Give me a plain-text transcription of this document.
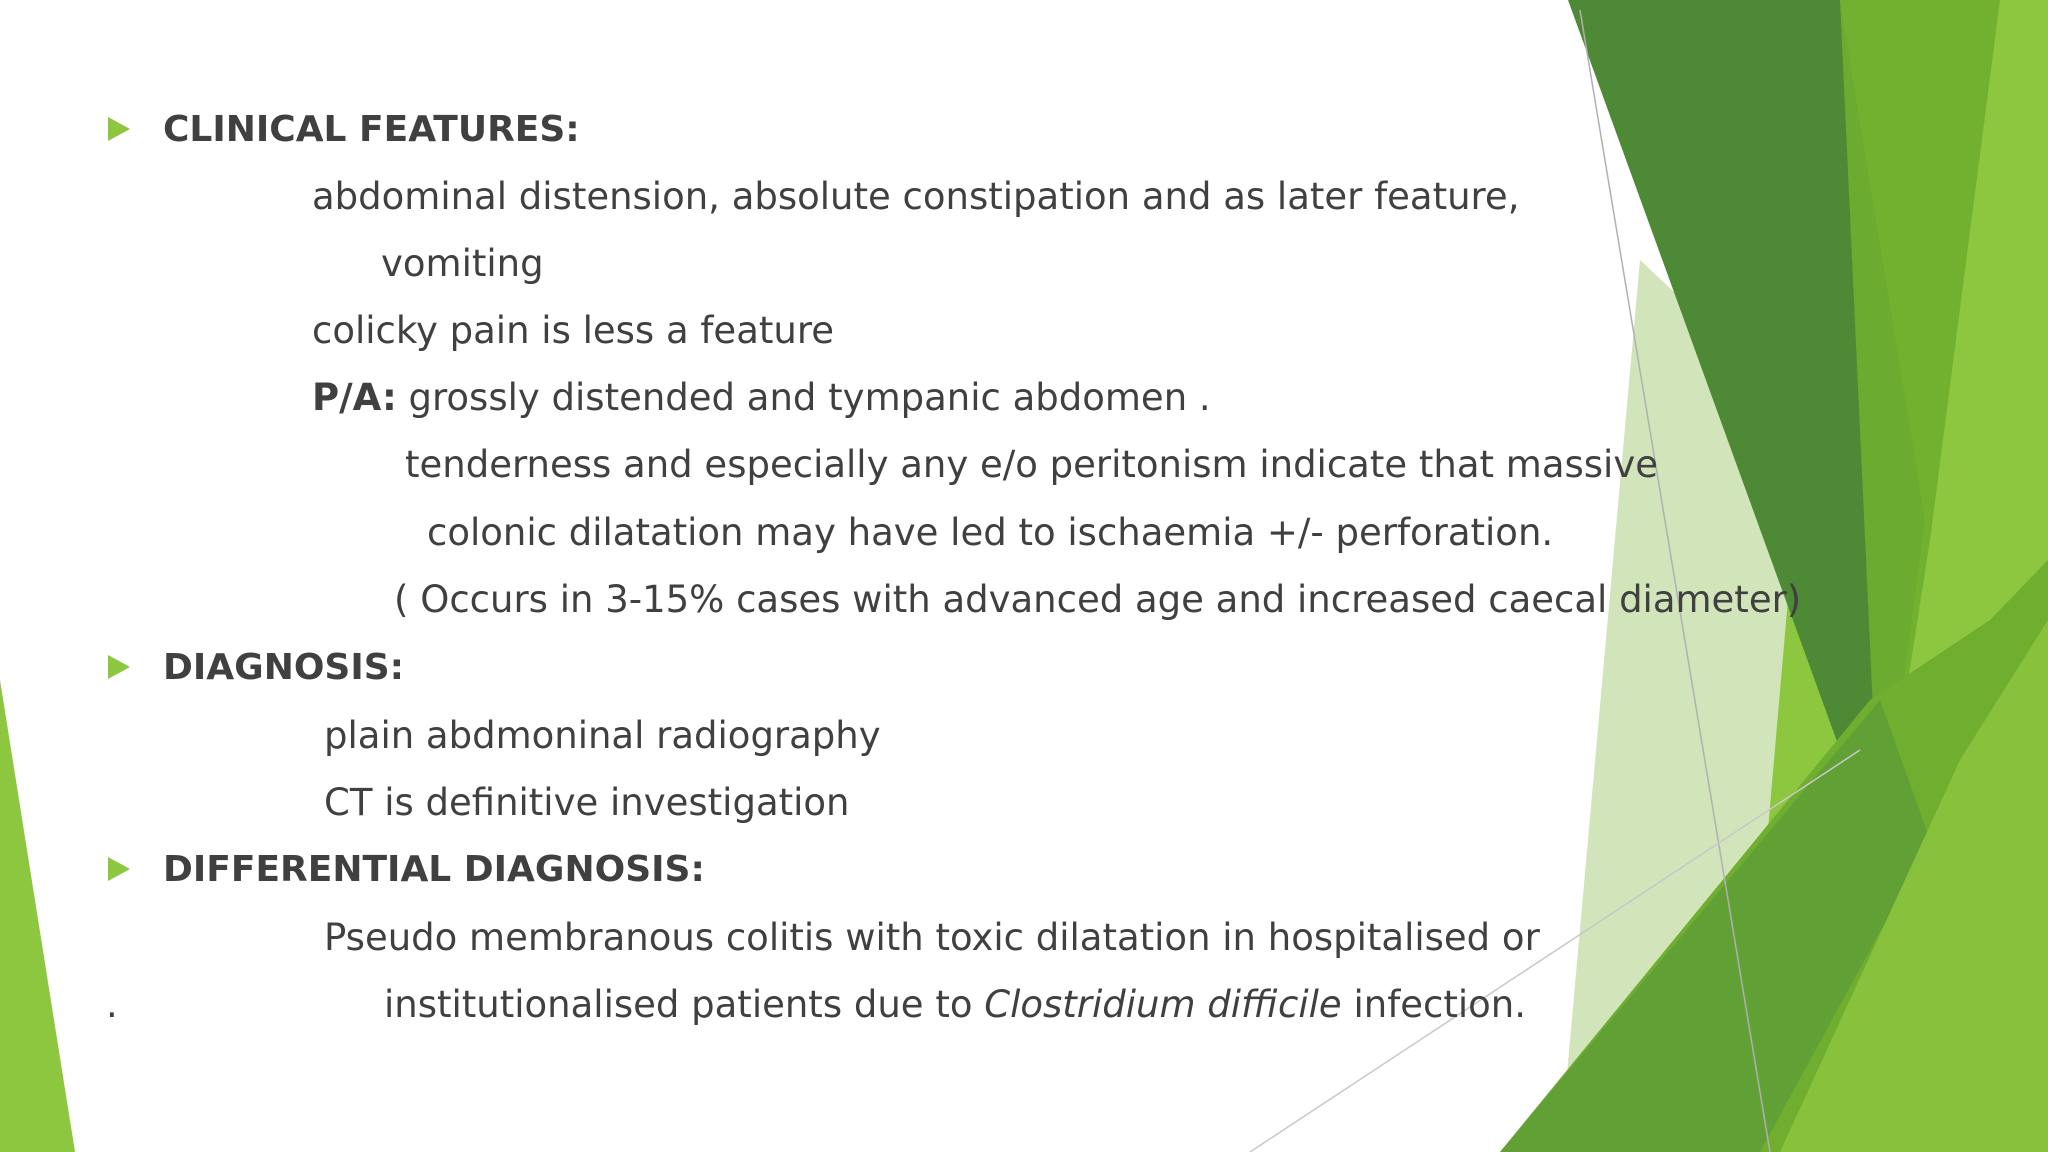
CLINICAL FEATURES:
abdominal distension, absolute constipation and as later feature,
vomiting
colicky pain is less a feature
P/A: grossly distended and tympanic abdomen .
tenderness and especially any e/o peritonism indicate that massive
colonic dilatation may have led to ischaemia +/- perforation.
( Occurs in 3-15% cases with advanced age and increased caecal diameter)
DIAGNOSIS:
plain abdmoninal radiography
CT is definitive investigation
DIFFERENTIAL DIAGNOSIS:
Pseudo membranous colitis with toxic dilatation in hospitalised or
.	institutionalised patients due to Clostridium difficile infection.
